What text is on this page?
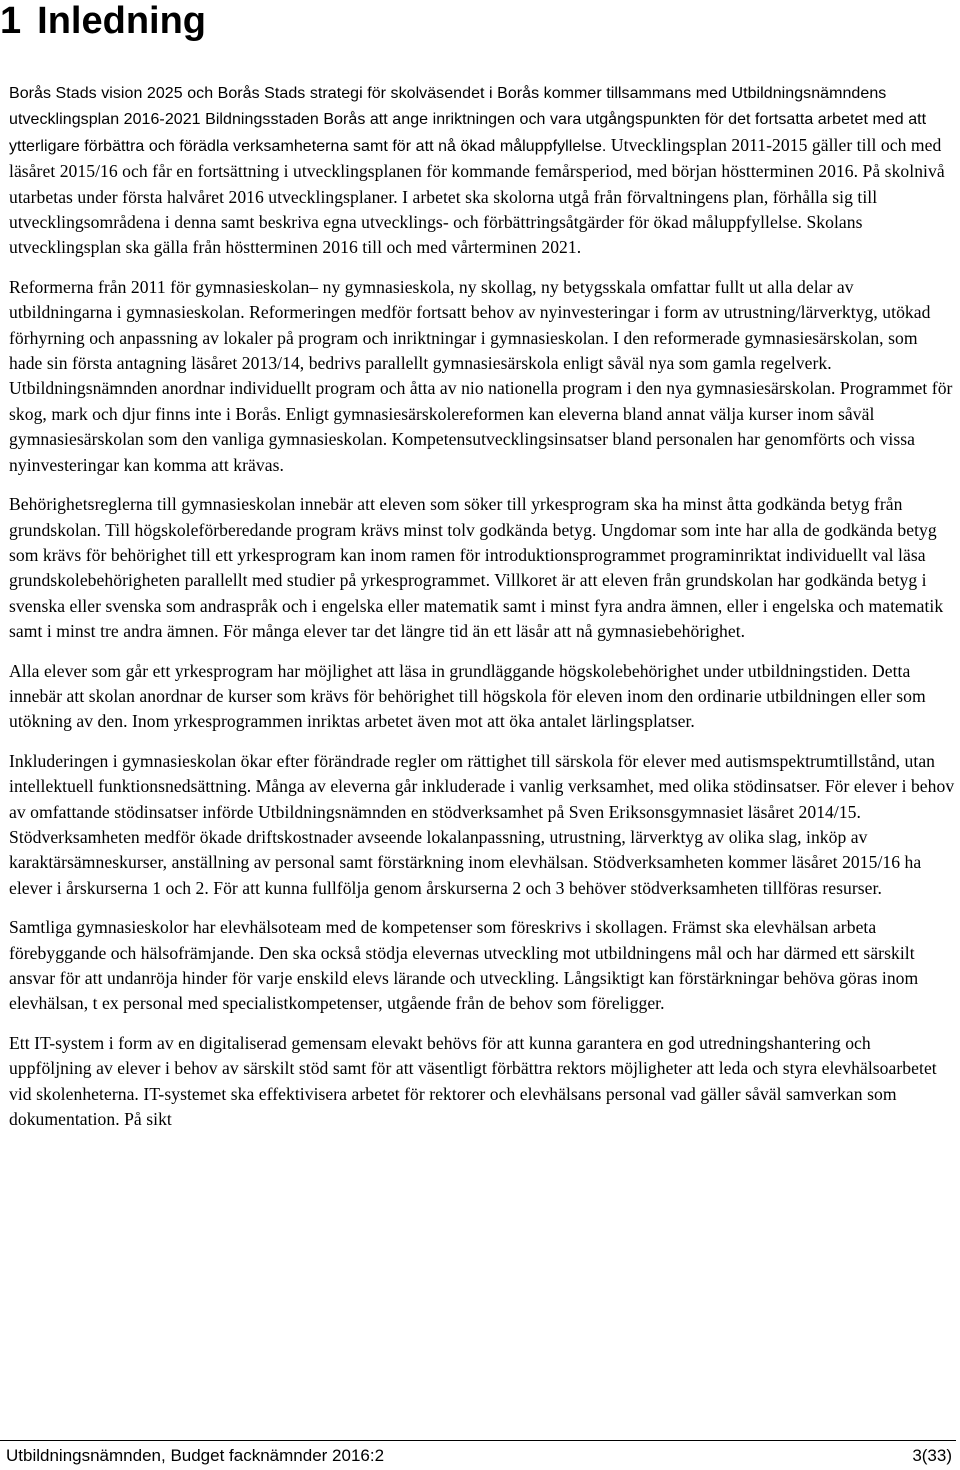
1 Inledning

Borås Stads vision 2025 och Borås Stads strategi för skolväsendet i Borås kommer tillsammans med Utbildningsnämndens utvecklingsplan 2016-2021 Bildningsstaden Borås att ange inriktningen och vara utgångspunkten för det fortsatta arbetet med att ytterligare förbättra och förädla verksamheterna samt för att nå ökad måluppfyllelse. Utvecklingsplan 2011-2015 gäller till och med läsåret 2015/16 och får en fortsättning i utvecklingsplanen för kommande femårsperiod, med början höstterminen 2016. På skolnivå utarbetas under första halvåret 2016 utvecklingsplaner. I arbetet ska skolorna utgå från förvaltningens plan, förhålla sig till utvecklingsområdena i denna samt beskriva egna utvecklings- och förbättringsåtgärder för ökad måluppfyllelse. Skolans utvecklingsplan ska gälla från höstterminen 2016 till och med vårterminen 2021.

Reformerna från 2011 för gymnasieskolan– ny gymnasieskola, ny skollag, ny betygsskala omfattar fullt ut alla delar av utbildningarna i gymnasieskolan. Reformeringen medför fortsatt behov av nyinvesteringar i form av utrustning/lärverktyg, utökad förhyrning och anpassning av lokaler på program och inriktningar i gymnasieskolan. I den reformerade gymnasiesärskolan, som hade sin första antagning läsåret 2013/14, bedrivs parallellt gymnasiesärskola enligt såväl nya som gamla regelverk. Utbildningsnämnden anordnar individuellt program och åtta av nio nationella program i den nya gymnasiesärskolan. Programmet för skog, mark och djur finns inte i Borås. Enligt gymnasiesärskolereformen kan eleverna bland annat välja kurser inom såväl gymnasiesärskolan som den vanliga gymnasieskolan. Kompetensutvecklingsinsatser bland personalen har genomförts och vissa nyinvesteringar kan komma att krävas.

Behörighetsreglerna till gymnasieskolan innebär att eleven som söker till yrkesprogram ska ha minst åtta godkända betyg från grundskolan. Till högskoleförberedande program krävs minst tolv godkända betyg. Ungdomar som inte har alla de godkända betyg som krävs för behörighet till ett yrkesprogram kan inom ramen för introduktionsprogrammet programinriktat individuellt val läsa grundskolebehörigheten parallellt med studier på yrkesprogrammet. Villkoret är att eleven från grundskolan har godkända betyg i svenska eller svenska som andraspråk och i engelska eller matematik samt i minst fyra andra ämnen, eller i engelska och matematik samt i minst tre andra ämnen. För många elever tar det längre tid än ett läsår att nå gymnasiebehörighet.

Alla elever som går ett yrkesprogram har möjlighet att läsa in grundläggande högskolebehörighet under utbildningstiden. Detta innebär att skolan anordnar de kurser som krävs för behörighet till högskola för eleven inom den ordinarie utbildningen eller som utökning av den. Inom yrkesprogrammen inriktas arbetet även mot att öka antalet lärlingsplatser.

Inkluderingen i gymnasieskolan ökar efter förändrade regler om rättighet till särskola för elever med autismspektrumtillstånd, utan intellektuell funktionsnedsättning. Många av eleverna går inkluderade i vanlig verksamhet, med olika stödinsatser. För elever i behov av omfattande stödinsatser införde Utbildningsnämnden en stödverksamhet på Sven Eriksonsgymnasiet läsåret 2014/15. Stödverksamheten medför ökade driftskostnader avseende lokalanpassning, utrustning, lärverktyg av olika slag, inköp av karaktärsämneskurser, anställning av personal samt förstärkning inom elevhälsan. Stödverksamheten kommer läsåret 2015/16 ha elever i årskurserna 1 och 2. För att kunna fullfölja genom årskurserna 2 och 3 behöver stödverksamheten tillföras resurser.

Samtliga gymnasieskolor har elevhälsoteam med de kompetenser som föreskrivs i skollagen. Främst ska elevhälsan arbeta förebyggande och hälsofrämjande. Den ska också stödja elevernas utveckling mot utbildningens mål och har därmed ett särskilt ansvar för att undanröja hinder för varje enskild elevs lärande och utveckling. Långsiktigt kan förstärkningar behöva göras inom elevhälsan, t ex personal med specialistkompetenser, utgående från de behov som föreligger.

Ett IT-system i form av en digitaliserad gemensam elevakt behövs för att kunna garantera en god utredningshantering och uppföljning av elever i behov av särskilt stöd samt för att väsentligt förbättra rektors möjligheter att leda och styra elevhälsoarbetet vid skolenheterna. IT-systemet ska effektivisera arbetet för rektorer och elevhälsans personal vad gäller såväl samverkan som dokumentation. På sikt

Utbildningsnämnden, Budget facknämnder 2016:2	3(33)
